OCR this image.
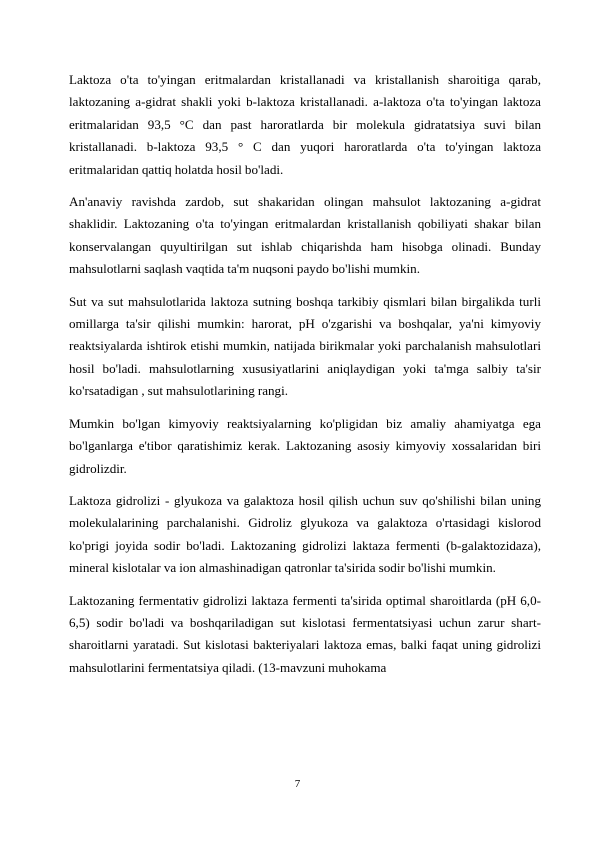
Laktoza o'ta to'yingan eritmalardan kristallanadi va kristallanish sharoitiga qarab, laktozaning a-gidrat shakli yoki b-laktoza kristallanadi. a-laktoza o'ta to'yingan laktoza eritmalaridan 93,5 °C dan past haroratlarda bir molekula gidratatsiya suvi bilan kristallanadi. b-laktoza 93,5 ° C dan yuqori haroratlarda o'ta to'yingan laktoza eritmalaridan qattiq holatda hosil bo'ladi.

An'anaviy ravishda zardob, sut shakaridan olingan mahsulot laktozaning a-gidrat shaklidir. Laktozaning o'ta to'yingan eritmalardan kristallanish qobiliyati shakar bilan konservalangan quyultirilgan sut ishlab chiqarishda ham hisobga olinadi. Bunday mahsulotlarni saqlash vaqtida ta'm nuqsoni paydo bo'lishi mumkin.

Sut va sut mahsulotlarida laktoza sutning boshqa tarkibiy qismlari bilan birgalikda turli omillarga ta'sir qilishi mumkin: harorat, pH o'zgarishi va boshqalar, ya'ni kimyoviy reaktsiyalarda ishtirok etishi mumkin, natijada birikmalar yoki parchalanish mahsulotlari hosil bo'ladi. mahsulotlarning xususiyatlarini aniqlaydigan yoki ta'mga salbiy ta'sir ko'rsatadigan , sut mahsulotlarining rangi.

Mumkin bo'lgan kimyoviy reaktsiyalarning ko'pligidan biz amaliy ahamiyatga ega bo'lganlarga e'tibor qaratishimiz kerak. Laktozaning asosiy kimyoviy xossalaridan biri gidrolizdir.

Laktoza gidrolizi - glyukoza va galaktoza hosil qilish uchun suv qo'shilishi bilan uning molekulalarining parchalanishi. Gidroliz glyukoza va galaktoza o'rtasidagi kislorod ko'prigi joyida sodir bo'ladi. Laktozaning gidrolizi laktaza fermenti (b-galaktozidaza), mineral kislotalar va ion almashinadigan qatronlar ta'sirida sodir bo'lishi mumkin.

Laktozaning fermentativ gidrolizi laktaza fermenti ta'sirida optimal sharoitlarda (pH 6,0-6,5) sodir bo'ladi va boshqariladigan sut kislotasi fermentatsiyasi uchun zarur shart-sharoitlarni yaratadi. Sut kislotasi bakteriyalari laktoza emas, balki faqat uning gidrolizi mahsulotlarini fermentatsiya qiladi. (13-mavzuni muhokama

7
